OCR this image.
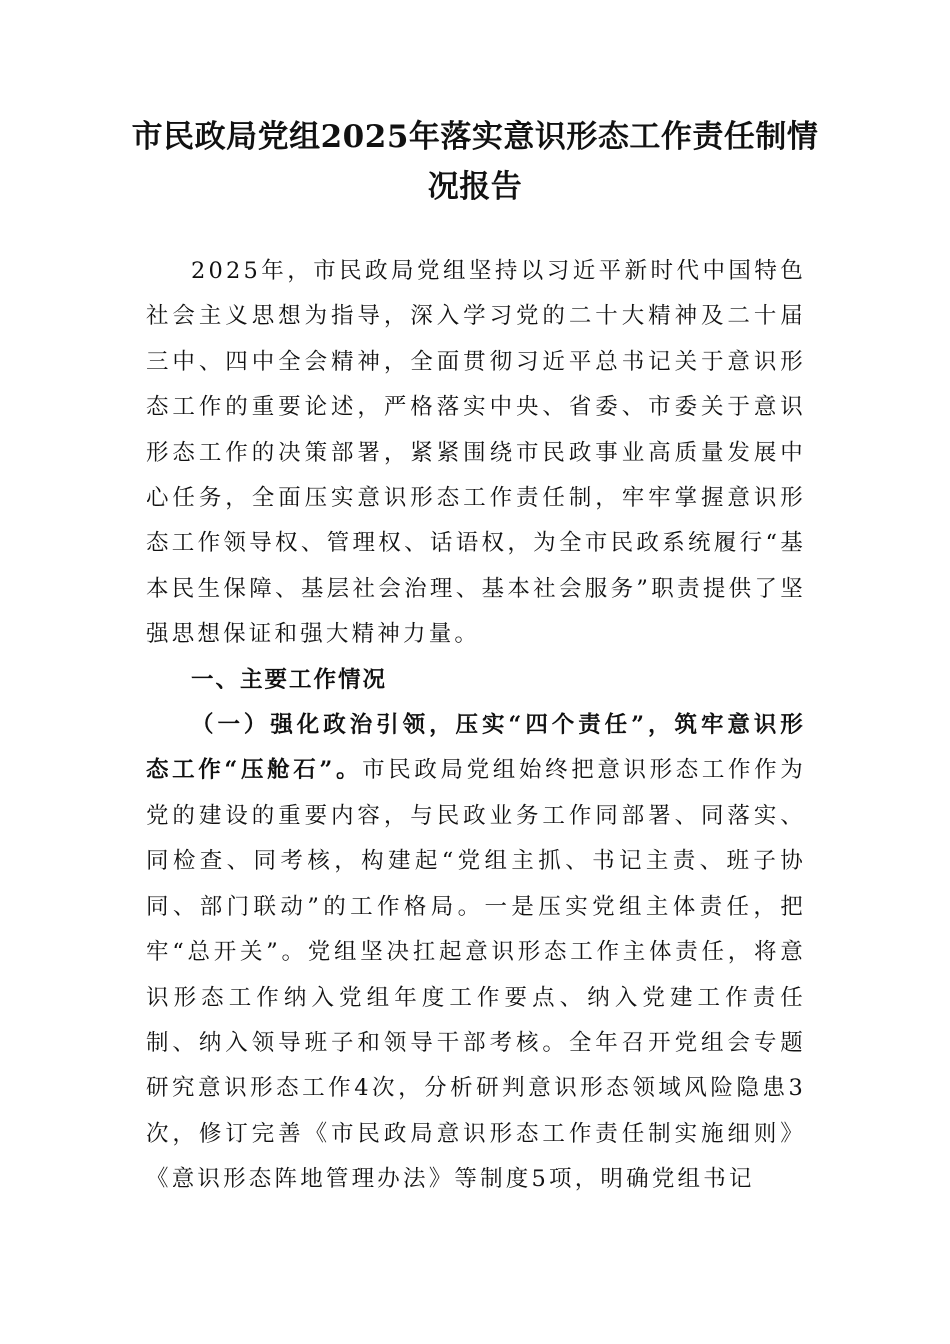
市民政局党组2025年落实意识形态工作责任制情况报告

2025年，市民政局党组坚持以习近平新时代中国特色社会主义思想为指导，深入学习党的二十大精神及二十届三中、四中全会精神，全面贯彻习近平总书记关于意识形态工作的重要论述，严格落实中央、省委、市委关于意识形态工作的决策部署，紧紧围绕市民政事业高质量发展中心任务，全面压实意识形态工作责任制，牢牢掌握意识形态工作领导权、管理权、话语权，为全市民政系统履行“基本民生保障、基层社会治理、基本社会服务”职责提供了坚强思想保证和强大精神力量。

一、主要工作情况

（一）强化政治引领，压实“四个责任”，筑牢意识形态工作“压舱石”。市民政局党组始终把意识形态工作作为党的建设的重要内容，与民政业务工作同部署、同落实、同检查、同考核，构建起“党组主抓、书记主责、班子协同、部门联动”的工作格局。一是压实党组主体责任，把牢“总开关”。党组坚决扛起意识形态工作主体责任，将意识形态工作纳入党组年度工作要点、纳入党建工作责任制、纳入领导班子和领导干部考核。全年召开党组会专题研究意识形态工作4次，分析研判意识形态领域风险隐患3次，修订完善《市民政局意识形态工作责任制实施细则》《意识形态阵地管理办法》等制度5项，明确党组书记
